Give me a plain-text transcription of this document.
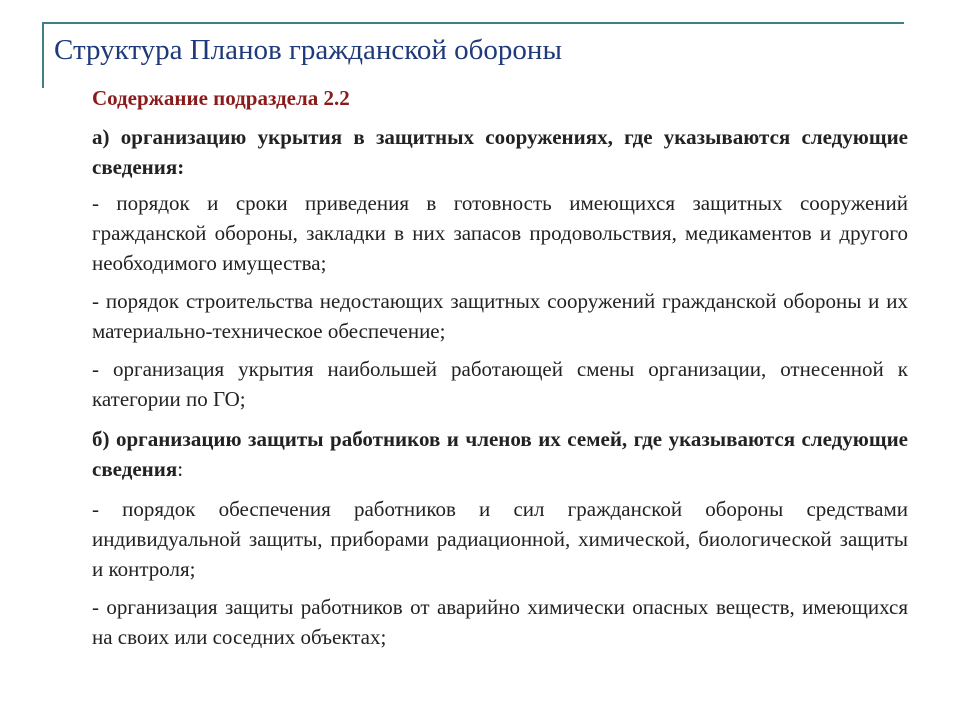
Структура Планов гражданской обороны
Содержание подраздела 2.2

а) организацию укрытия в защитных сооружениях, где указываются следующие сведения:

- порядок и сроки приведения в готовность имеющихся защитных сооружений гражданской обороны, закладки в них запасов продовольствия, медикаментов и другого необходимого имущества;

- порядок строительства недостающих защитных сооружений гражданской обороны и их материально-техническое обеспечение;

- организация укрытия наибольшей работающей смены организации, отнесенной к категории по ГО;

б) организацию защиты работников и членов их семей, где указываются следующие сведения:

- порядок обеспечения работников и сил гражданской обороны средствами индивидуальной защиты, приборами радиационной, химической, биологической защиты и контроля;

- организация защиты работников от аварийно химически опасных веществ, имеющихся на своих или соседних объектах;
